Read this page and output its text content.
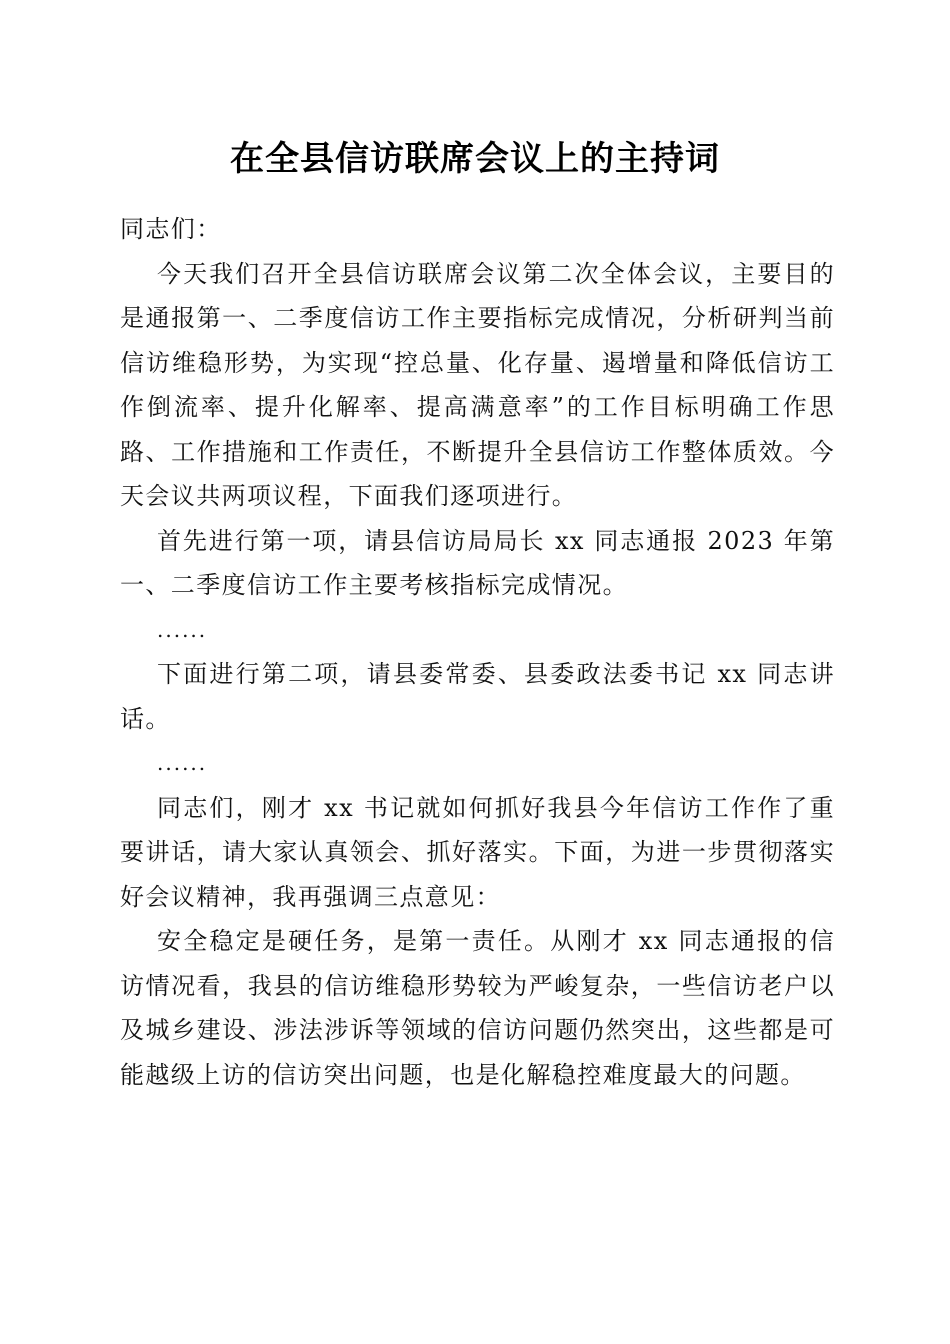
在全县信访联席会议上的主持词

同志们：

今天我们召开全县信访联席会议第二次全体会议，主要目的是通报第一、二季度信访工作主要指标完成情况，分析研判当前信访维稳形势，为实现“控总量、化存量、遏增量和降低信访工作倒流率、提升化解率、提高满意率”的工作目标明确工作思路、工作措施和工作责任，不断提升全县信访工作整体质效。今天会议共两项议程，下面我们逐项进行。

首先进行第一项，请县信访局局长 xx 同志通报 2023 年第一、二季度信访工作主要考核指标完成情况。

......

下面进行第二项，请县委常委、县委政法委书记 xx 同志讲话。

......

同志们，刚才 xx 书记就如何抓好我县今年信访工作作了重要讲话，请大家认真领会、抓好落实。下面，为进一步贯彻落实好会议精神，我再强调三点意见：

安全稳定是硬任务，是第一责任。从刚才 xx 同志通报的信访情况看，我县的信访维稳形势较为严峻复杂，一些信访老户以及城乡建设、涉法涉诉等领域的信访问题仍然突出，这些都是可能越级上访的信访突出问题，也是化解稳控难度最大的问题。
